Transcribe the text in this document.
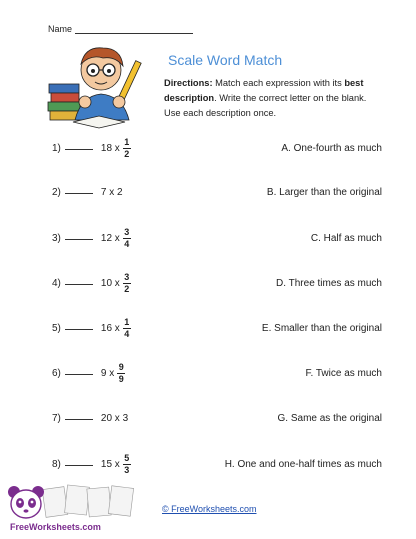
Name
Scale Word Match
Directions: Match each expression with its best description. Write the correct letter on the blank. Use each description once.
1)	18 x $\frac{1}{2}$	A. One-fourth as much
2)	7 x 2	B. Larger than the original
3)	12 x $\frac{3}{4}$	C. Half as much
4)	10 x $\frac{3}{2}$	D. Three times as much
5)	16 x $\frac{1}{4}$	E. Smaller than the original
6)	9 x $\frac{9}{9}$	F. Twice as much
7)	20 x 3	G. Same as the original
8)	15 x $\frac{5}{3}$	H. One and one-half times as much
FreeWorksheets.com
© FreeWorksheets.com
